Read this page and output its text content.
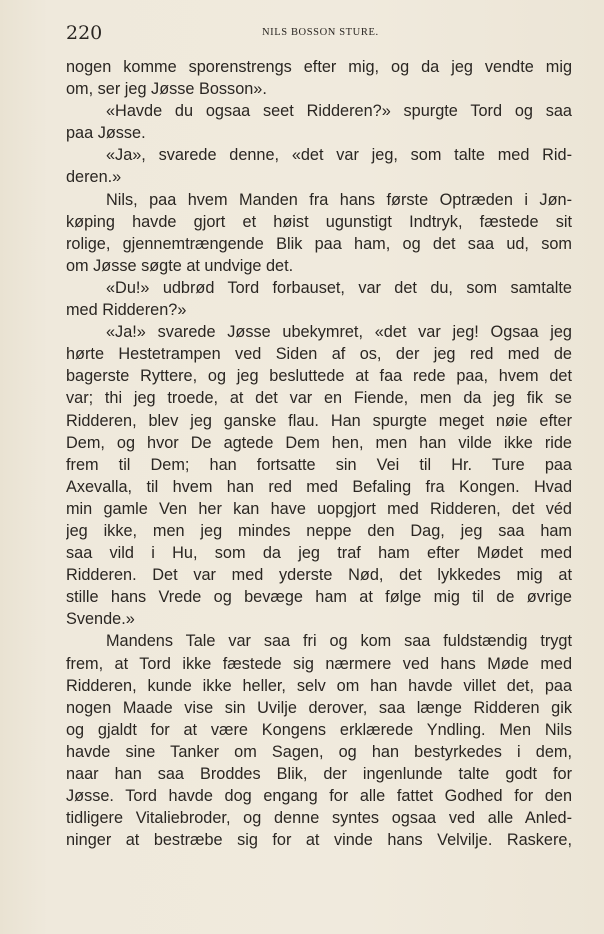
220	NILS BOSSON STURE.
nogen komme sporenstrengs efter mig, og da jeg vendte mig
om, ser jeg Jøsse Bosson».
«Havde du ogsaa seet Ridderen?» spurgte Tord og saa
paa Jøsse.
«Ja», svarede denne, «det var jeg, som talte med Rid-
deren.»
Nils, paa hvem Manden fra hans første Optræden i Jøn-
køping havde gjort et høist ugunstigt Indtryk, fæstede sit
rolige, gjennemtrængende Blik paa ham, og det saa ud, som
om Jøsse søgte at undvige det.
«Du!» udbrød Tord forbauset, var det du, som samtalte
med Ridderen?»
«Ja!» svarede Jøsse ubekymret, «det var jeg! Ogsaa jeg
hørte Hestetrampen ved Siden af os, der jeg red med de
bagerste Ryttere, og jeg besluttede at faa rede paa, hvem det
var; thi jeg troede, at det var en Fiende, men da jeg fik se
Ridderen, blev jeg ganske flau. Han spurgte meget nøie efter
Dem, og hvor De agtede Dem hen, men han vilde ikke ride
frem til Dem; han fortsatte sin Vei til Hr. Ture paa
Axevalla, til hvem han red med Befaling fra Kongen. Hvad
min gamle Ven her kan have uopgjort med Ridderen, det véd
jeg ikke, men jeg mindes neppe den Dag, jeg saa ham
saa vild i Hu, som da jeg traf ham efter Mødet med
Ridderen. Det var med yderste Nød, det lykkedes mig at
stille hans Vrede og bevæge ham at følge mig til de øvrige
Svende.»
Mandens Tale var saa fri og kom saa fuldstændig trygt
frem, at Tord ikke fæstede sig nærmere ved hans Møde med
Ridderen, kunde ikke heller, selv om han havde villet det, paa
nogen Maade vise sin Uvilje derover, saa længe Ridderen gik
og gjaldt for at være Kongens erklærede Yndling. Men Nils
havde sine Tanker om Sagen, og han bestyrkedes i dem,
naar han saa Broddes Blik, der ingenlunde talte godt for
Jøsse. Tord havde dog engang for alle fattet Godhed for den
tidligere Vitaliebroder, og denne syntes ogsaa ved alle Anled-
ninger at bestræbe sig for at vinde hans Velvilje. Raskere,
